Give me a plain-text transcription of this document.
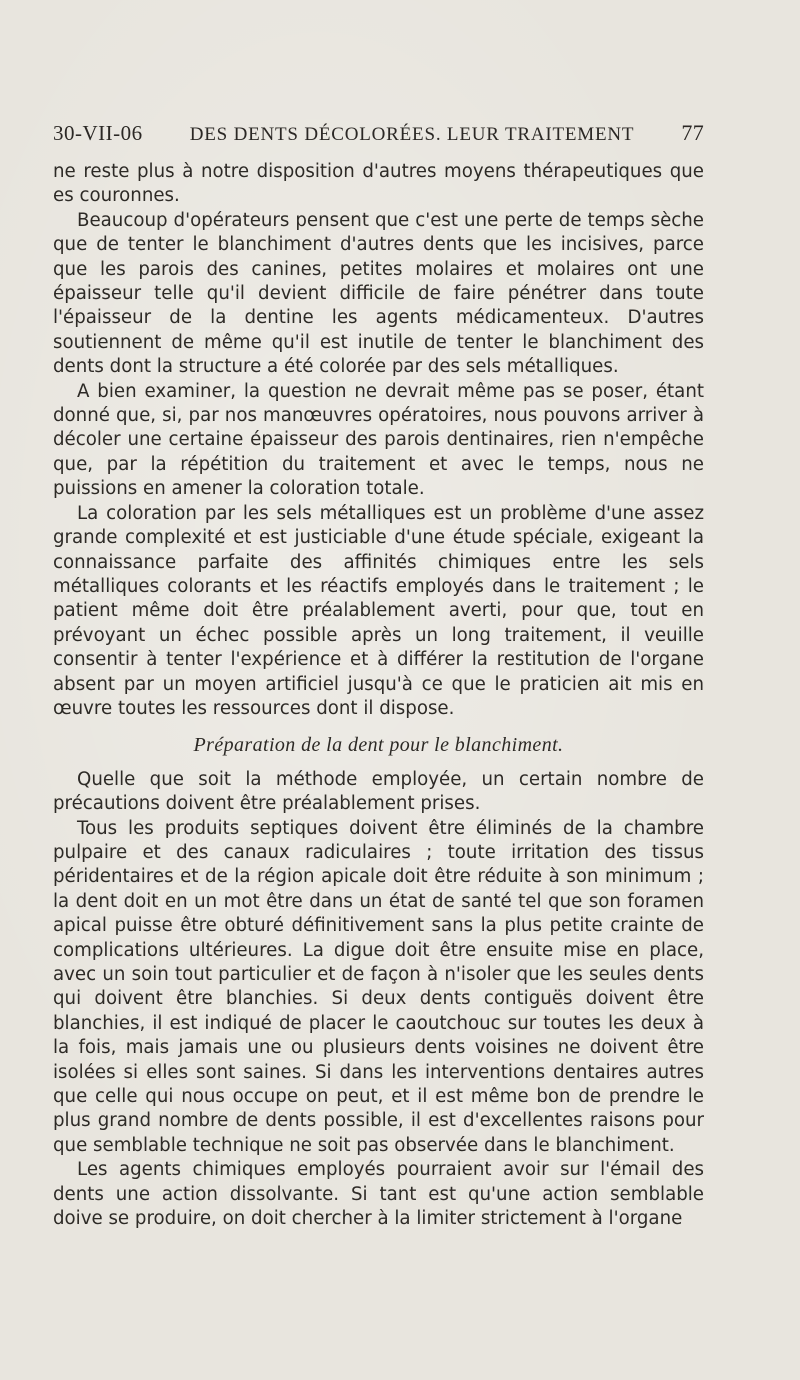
30-VII-06 DES DENTS DÉCOLORÉES. LEUR TRAITEMENT 77

ne reste plus à notre disposition d'autres moyens thérapeutiques que es couronnes.

Beaucoup d'opérateurs pensent que c'est une perte de temps sèche que de tenter le blanchiment d'autres dents que les incisives, parce que les parois des canines, petites molaires et molaires ont une épaisseur telle qu'il devient difficile de faire pénétrer dans toute l'épaisseur de la dentine les agents médicamenteux. D'autres soutiennent de même qu'il est inutile de tenter le blanchiment des dents dont la structure a été colorée par des sels métalliques.

A bien examiner, la question ne devrait même pas se poser, étant donné que, si, par nos manœuvres opératoires, nous pouvons arriver à décoler une certaine épaisseur des parois dentinaires, rien n'empêche que, par la répétition du traitement et avec le temps, nous ne puissions en amener la coloration totale.

La coloration par les sels métalliques est un problème d'une assez grande complexité et est justiciable d'une étude spéciale, exigeant la connaissance parfaite des affinités chimiques entre les sels métalliques colorants et les réactifs employés dans le traitement ; le patient même doit être préalablement averti, pour que, tout en prévoyant un échec possible après un long traitement, il veuille consentir à tenter l'expérience et à différer la restitution de l'organe absent par un moyen artificiel jusqu'à ce que le praticien ait mis en œuvre toutes les ressources dont il dispose.

Préparation de la dent pour le blanchiment.

Quelle que soit la méthode employée, un certain nombre de précautions doivent être préalablement prises.

Tous les produits septiques doivent être éliminés de la chambre pulpaire et des canaux radiculaires ; toute irritation des tissus péridentaires et de la région apicale doit être réduite à son minimum ; la dent doit en un mot être dans un état de santé tel que son foramen apical puisse être obturé définitivement sans la plus petite crainte de complications ultérieures. La digue doit être ensuite mise en place, avec un soin tout particulier et de façon à n'isoler que les seules dents qui doivent être blanchies. Si deux dents contiguës doivent être blanchies, il est indiqué de placer le caoutchouc sur toutes les deux à la fois, mais jamais une ou plusieurs dents voisines ne doivent être isolées si elles sont saines. Si dans les interventions dentaires autres que celle qui nous occupe on peut, et il est même bon de prendre le plus grand nombre de dents possible, il est d'excellentes raisons pour que semblable technique ne soit pas observée dans le blanchiment.

Les agents chimiques employés pourraient avoir sur l'émail des dents une action dissolvante. Si tant est qu'une action semblable doive se produire, on doit chercher à la limiter strictement à l'organe
